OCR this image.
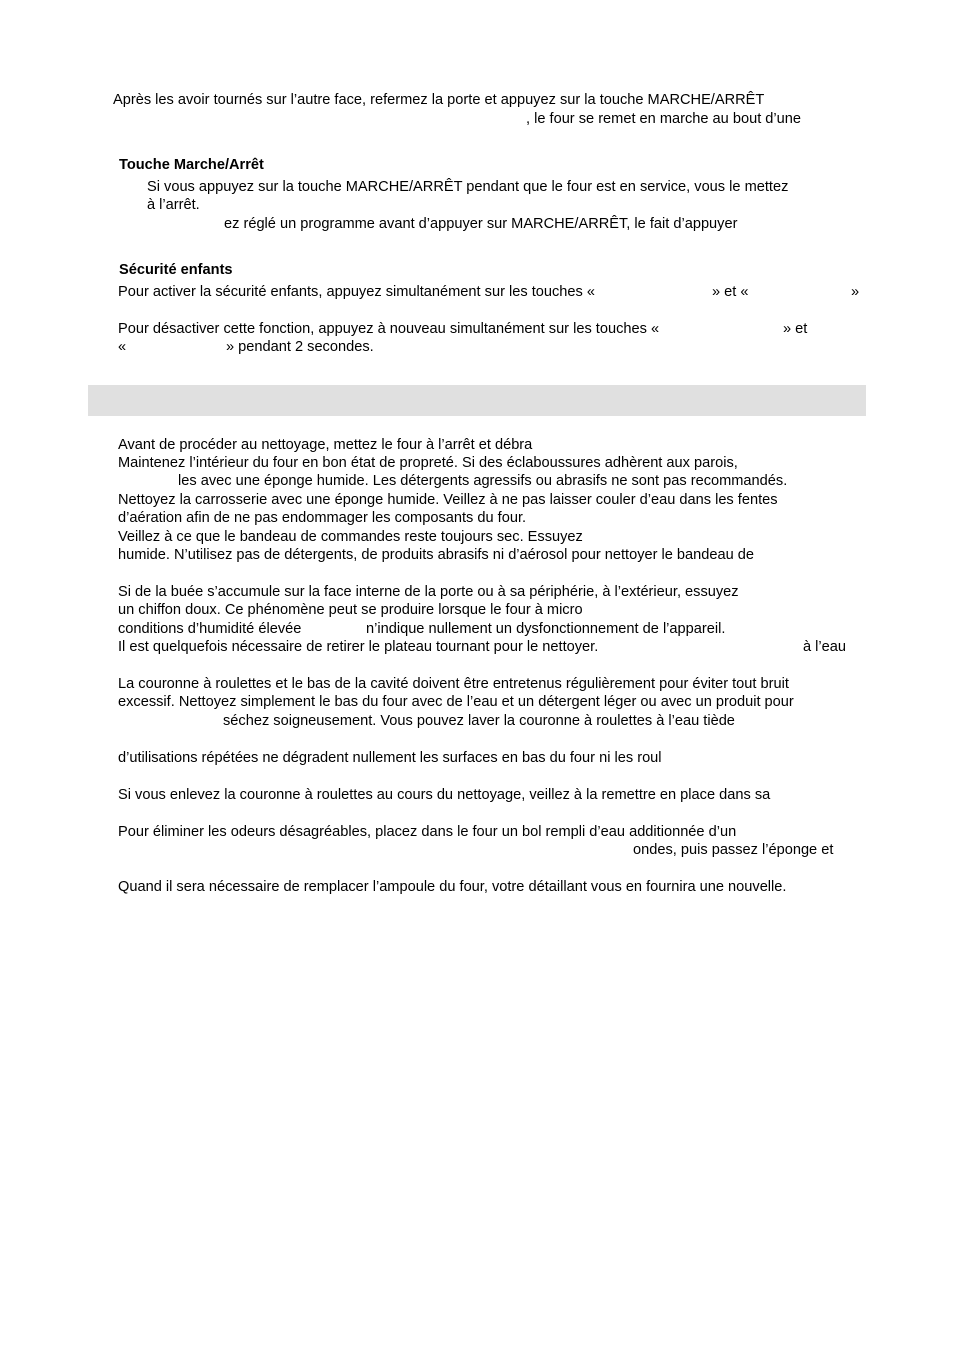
Après les avoir tournés sur l’autre face, refermez la porte et appuyez sur la touche MARCHE/ARRÊT
, le four se remet en marche au bout d’une
Touche Marche/Arrêt
Si vous appuyez sur la touche MARCHE/ARRÊT pendant que le four est en service, vous le mettez
à l’arrêt.
ez réglé un programme avant d’appuyer sur MARCHE/ARRÊT, le fait d’appuyer
Sécurité enfants
Pour activer la sécurité enfants, appuyez simultanément sur les touches «	» et «	»
Pour désactiver cette fonction, appuyez à nouveau simultanément sur les touches «	» et
«	» pendant 2 secondes.
Avant de procéder au nettoyage, mettez le four à l’arrêt et débra
Maintenez l’intérieur du four en bon état de propreté. Si des éclaboussures adhèrent aux parois,
les avec une éponge humide. Les détergents agressifs ou abrasifs ne sont pas recommandés.
Nettoyez la carrosserie avec une éponge humide. Veillez à ne pas laisser couler d’eau dans les fentes
d’aération afin de ne pas endommager les composants du four.
Veillez à ce que le bandeau de commandes reste toujours sec. Essuyez
humide. N’utilisez pas de détergents, de produits abrasifs ni d’aérosol pour nettoyer le bandeau de
Si de la buée s’accumule sur la face interne de la porte ou à sa périphérie, à l’extérieur, essuyez
un chiffon doux. Ce phénomène peut se produire lorsque le four à micro
conditions d’humidité élevée	n’indique nullement un dysfonctionnement de l’appareil.
Il est quelquefois nécessaire de retirer le plateau tournant pour le nettoyer.	à l’eau
La couronne à roulettes et le bas de la cavité doivent être entretenus régulièrement pour éviter tout bruit
excessif. Nettoyez simplement le bas du four avec de l’eau et un détergent léger ou avec un produit pour
séchez soigneusement. Vous pouvez laver la couronne à roulettes à l’eau tiède
d’utilisations répétées ne dégradent nullement les surfaces en bas du four ni les roul
Si vous enlevez la couronne à roulettes au cours du nettoyage, veillez à la remettre en place dans sa
Pour éliminer les odeurs désagréables, placez dans le four un bol rempli d’eau additionnée d’un
ondes, puis passez l’éponge et
Quand il sera nécessaire de remplacer l’ampoule du four, votre détaillant vous en fournira une nouvelle.
